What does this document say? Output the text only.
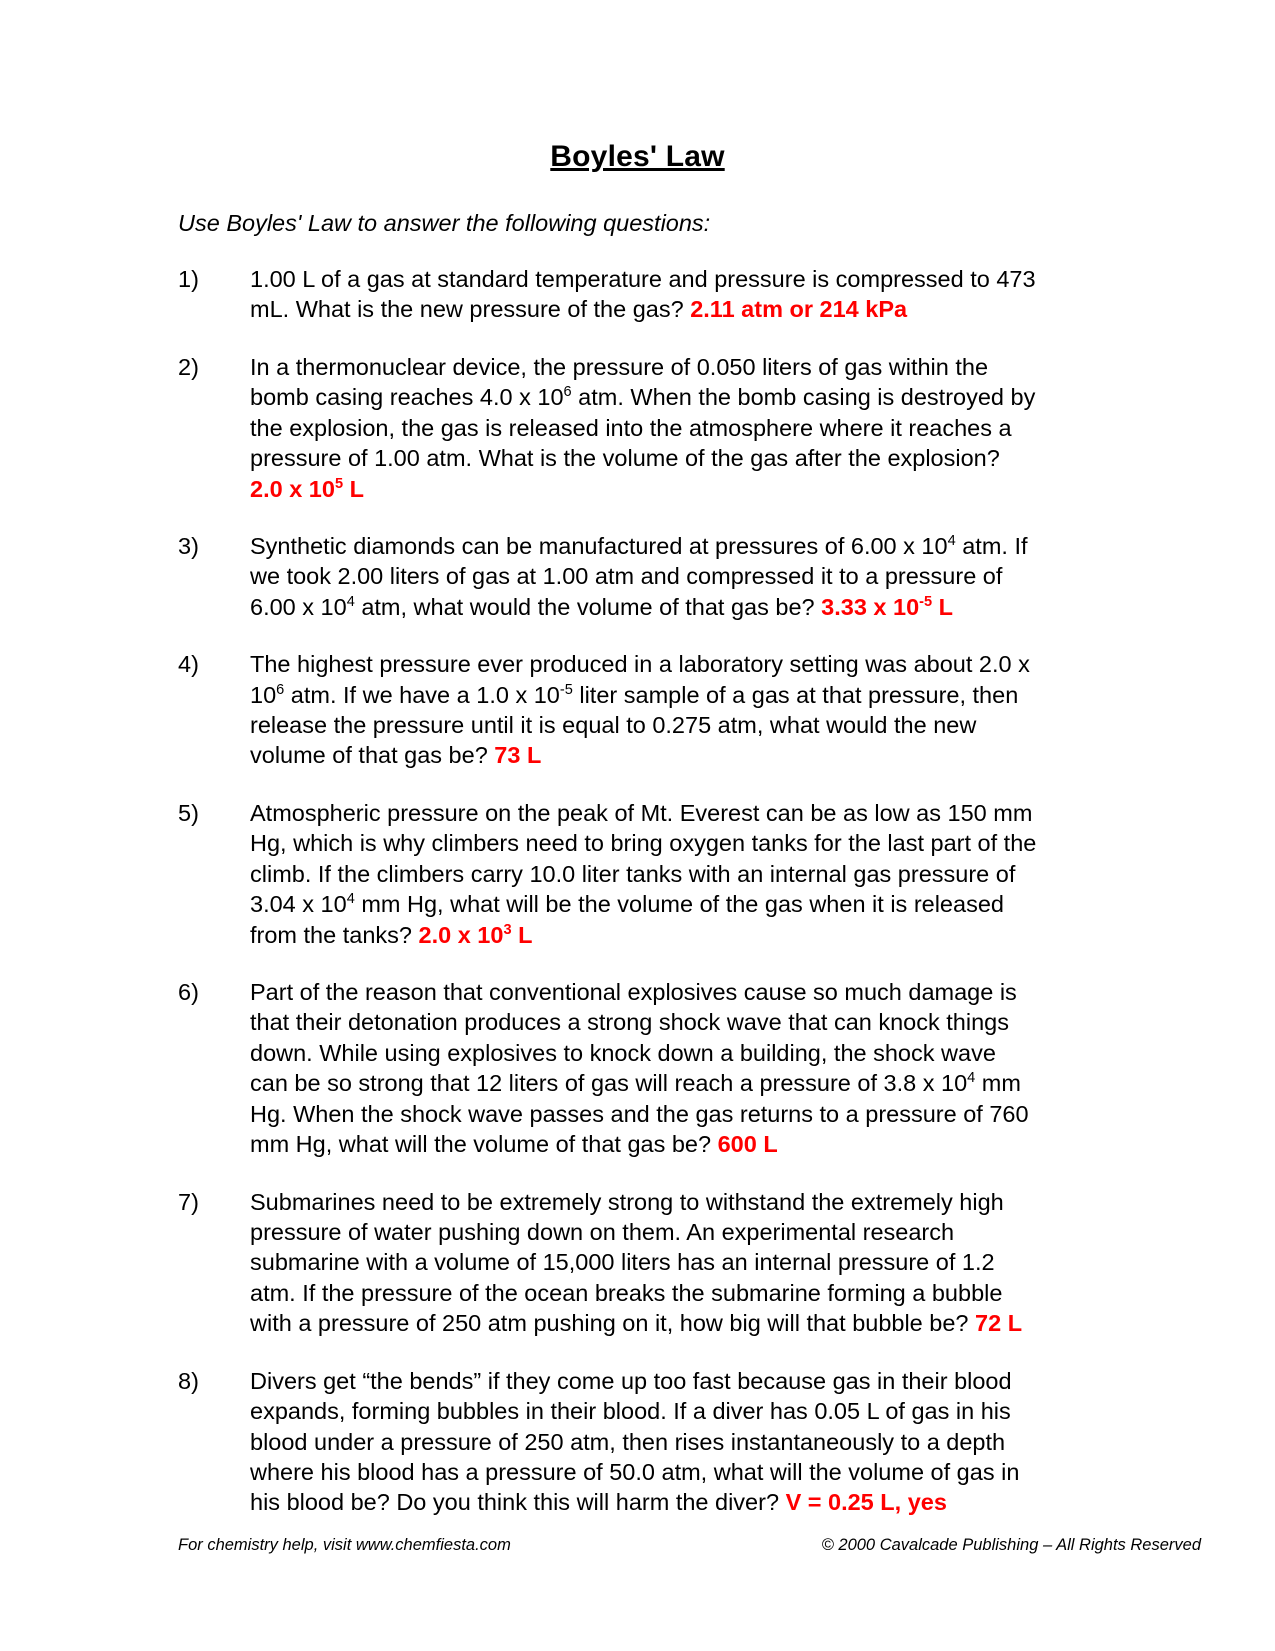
Boyles' Law

Use Boyles' Law to answer the following questions:

1)	1.00 L of a gas at standard temperature and pressure is compressed to 473 mL. What is the new pressure of the gas? 2.11 atm or 214 kPa
2)	In a thermonuclear device, the pressure of 0.050 liters of gas within the bomb casing reaches 4.0 x $10^6$ atm. When the bomb casing is destroyed by the explosion, the gas is released into the atmosphere where it reaches a pressure of 1.00 atm. What is the volume of the gas after the explosion?
2.0 x $10^5$ L
3)	Synthetic diamonds can be manufactured at pressures of 6.00 x $10^4$ atm. If we took 2.00 liters of gas at 1.00 atm and compressed it to a pressure of 6.00 x $10^4$ atm, what would the volume of that gas be? 3.33 x $10^{-5}$ L
4)	The highest pressure ever produced in a laboratory setting was about 2.0 x $10^6$ atm. If we have a 1.0 x $10^{-5}$ liter sample of a gas at that pressure, then release the pressure until it is equal to 0.275 atm, what would the new volume of that gas be? 73 L
5)	Atmospheric pressure on the peak of Mt. Everest can be as low as 150 mm Hg, which is why climbers need to bring oxygen tanks for the last part of the climb. If the climbers carry 10.0 liter tanks with an internal gas pressure of 3.04 x $10^4$ mm Hg, what will be the volume of the gas when it is released from the tanks? 2.0 x $10^3$ L
6)	Part of the reason that conventional explosives cause so much damage is that their detonation produces a strong shock wave that can knock things down. While using explosives to knock down a building, the shock wave can be so strong that 12 liters of gas will reach a pressure of 3.8 x $10^4$ mm Hg. When the shock wave passes and the gas returns to a pressure of 760 mm Hg, what will the volume of that gas be? 600 L
7)	Submarines need to be extremely strong to withstand the extremely high pressure of water pushing down on them. An experimental research submarine with a volume of 15,000 liters has an internal pressure of 1.2 atm. If the pressure of the ocean breaks the submarine forming a bubble with a pressure of 250 atm pushing on it, how big will that bubble be? 72 L
8)	Divers get “the bends” if they come up too fast because gas in their blood expands, forming bubbles in their blood. If a diver has 0.05 L of gas in his blood under a pressure of 250 atm, then rises instantaneously to a depth where his blood has a pressure of 50.0 atm, what will the volume of gas in his blood be? Do you think this will harm the diver? V = 0.25 L, yes
For chemistry help, visit www.chemfiesta.com	© 2000 Cavalcade Publishing – All Rights Reserved
